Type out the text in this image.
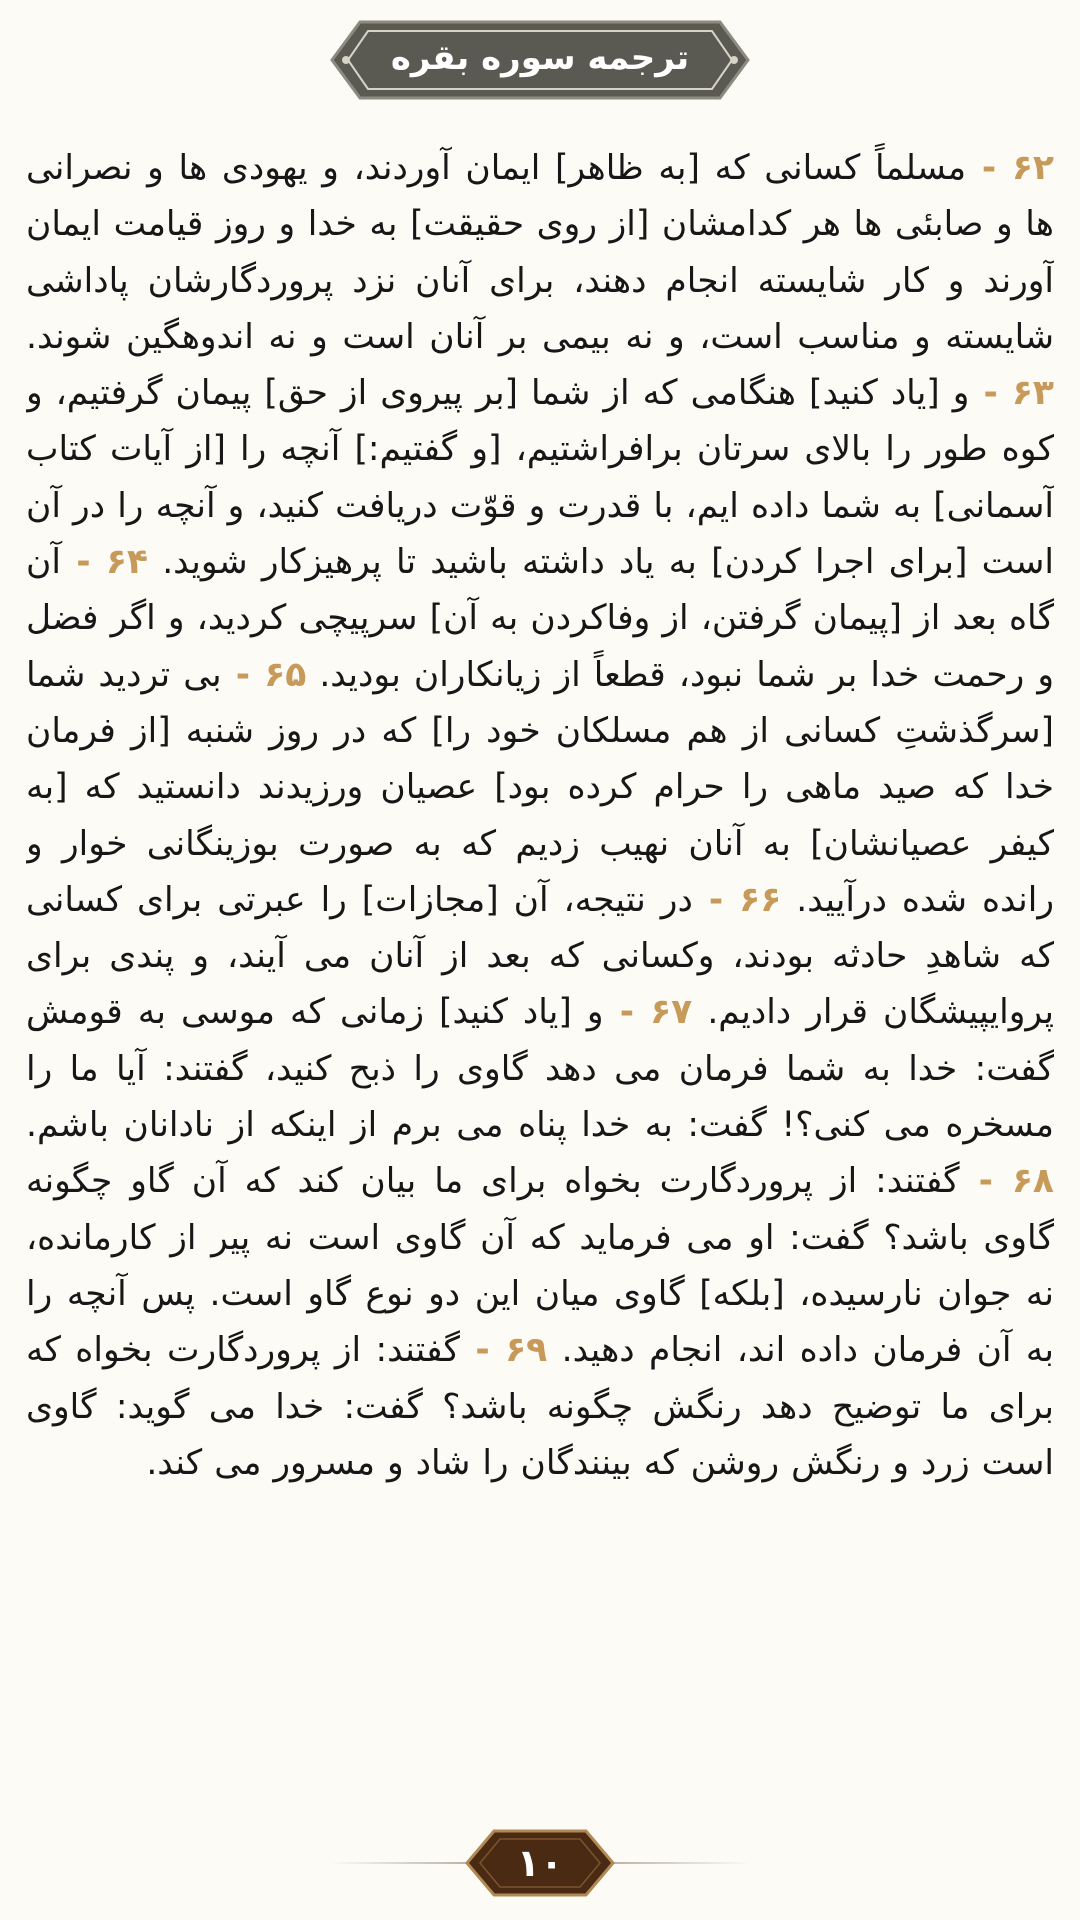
ترجمه سوره بقره
۶۲ - مسلماً کسانی که [به ظاهر] ایمان آوردند، و یهودی ها و نصرانی ها و صابئی ها هر کدامشان [از روی حقیقت] به خدا و روز قیامت ایمان آورند و کار شایسته انجام دهند، برای آنان نزد پروردگارشان پاداشی شایسته و مناسب است، و نه بیمی بر آنان است و نه اندوهگین شوند. ۶۳ - و [یاد کنید] هنگامی که از شما [بر پیروی از حق] پیمان گرفتیم، و کوه طور را بالای سرتان برافراشتیم، [و گفتیم:] آنچه را [از آیات کتاب آسمانی] به شما داده ایم، با قدرت و قوّت دریافت کنید، و آنچه را در آن است [برای اجرا کردن] به یاد داشته باشید تا پرهیزکار شوید. ۶۴ - آن گاه بعد از [پیمان گرفتن، از وفاکردن به آن] سرپیچی کردید، و اگر فضل و رحمت خدا بر شما نبود، قطعاً از زیانکاران بودید. ۶۵ - بی تردید شما [سرگذشتِ کسانی از هم مسلکان خود را] که در روز شنبه [از فرمان خدا که صید ماهی را حرام کرده بود] عصیان ورزیدند دانستید که [به کیفر عصیانشان] به آنان نهیب زدیم که به صورت بوزینگانی خوار و رانده شده درآیید. ۶۶ - در نتیجه، آن [مجازات] را عبرتی برای کسانی که شاهدِ حادثه بودند، وکسانی که بعد از آنان می آیند، و پندی برای پروایپیشگان قرار دادیم. ۶۷ - و [یاد کنید] زمانی که موسی به قومش گفت: خدا به شما فرمان می دهد گاوی را ذبح کنید، گفتند: آیا ما را مسخره می کنی؟! گفت: به خدا پناه می برم از اینکه از نادانان باشم. ۶۸ - گفتند: از پروردگارت بخواه برای ما بیان کند که آن گاو چگونه گاوی باشد؟ گفت: او می فرماید که آن گاوی است نه پیر از کارمانده، نه جوان نارسیده، [بلکه] گاوی میان این دو نوع گاو است. پس آنچه را به آن فرمان داده اند، انجام دهید. ۶۹ - گفتند: از پروردگارت بخواه که برای ما توضیح دهد رنگش چگونه باشد؟ گفت: خدا می گوید: گاوی است زرد و رنگش روشن که بینندگان را شاد و مسرور می کند.
۱۰
